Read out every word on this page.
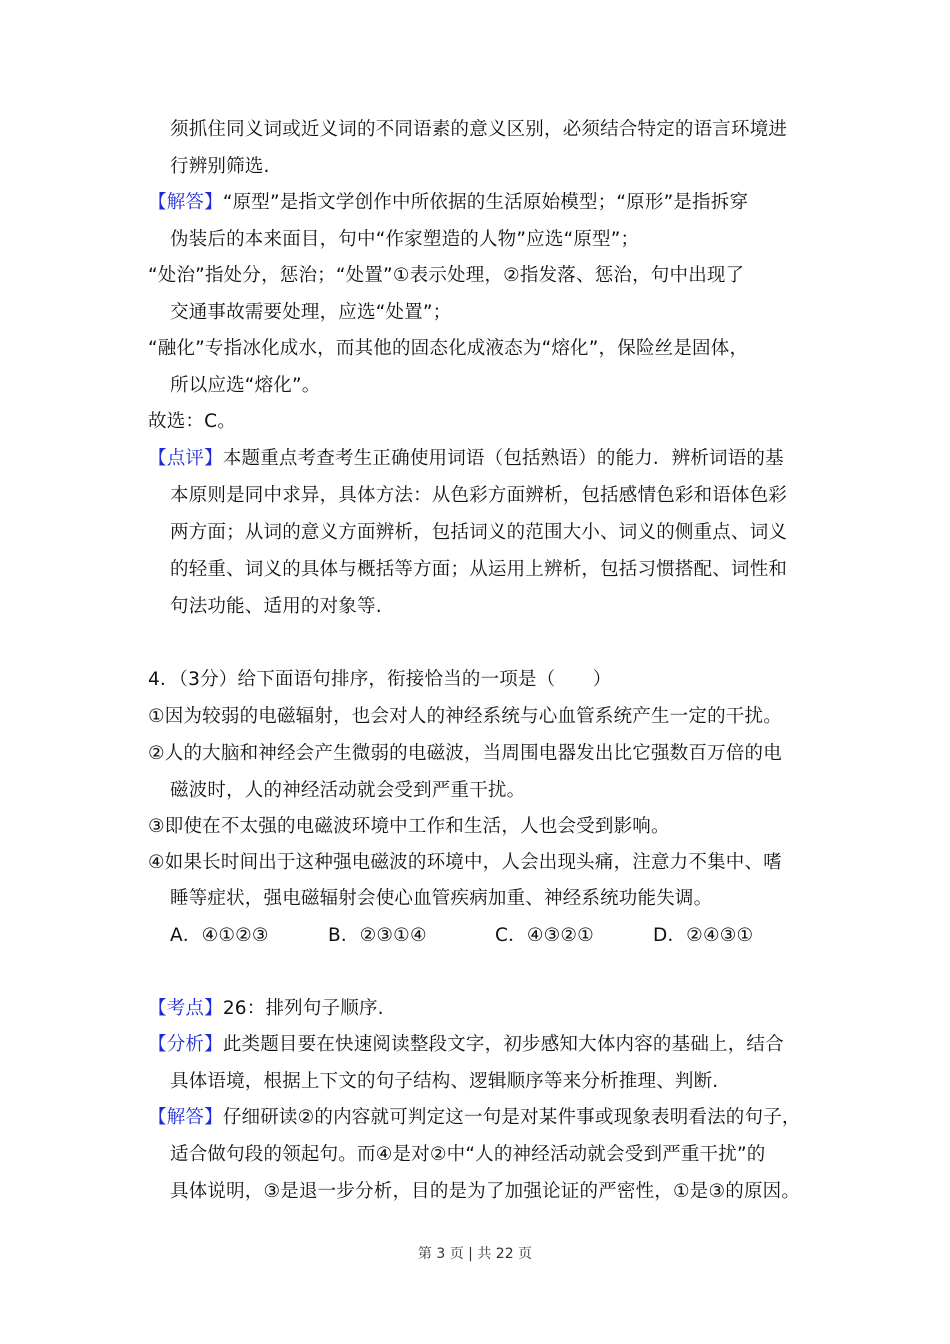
须抓住同义词或近义词的不同语素的意义区别，必须结合特定的语言环境进
行辨别筛选.
【解答】“原型”是指文学创作中所依据的生活原始模型；“原形”是指拆穿
伪装后的本来面目，句中“作家塑造的人物”应选“原型”；
“处治”指处分，惩治；“处置”①表示处理，②指发落、惩治，句中出现了
交通事故需要处理，应选“处置”；
“融化”专指冰化成水，而其他的固态化成液态为“熔化”，保险丝是固体，
所以应选“熔化”。
故选：C。
【点评】本题重点考查考生正确使用词语（包括熟语）的能力．辨析词语的基
本原则是同中求异，具体方法：从色彩方面辨析，包括感情色彩和语体色彩
两方面；从词的意义方面辨析，包括词义的范围大小、词义的侧重点、词义
的轻重、词义的具体与概括等方面；从运用上辨析，包括习惯搭配、词性和
句法功能、适用的对象等.
4．（3分）给下面语句排序，衔接恰当的一项是（　　）
①因为较弱的电磁辐射，也会对人的神经系统与心血管系统产生一定的干扰。
②人的大脑和神经会产生微弱的电磁波，当周围电器发出比它强数百万倍的电
磁波时，人的神经活动就会受到严重干扰。
③即使在不太强的电磁波环境中工作和生活，人也会受到影响。
④如果长时间出于这种强电磁波的环境中，人会出现头痛，注意力不集中、嗜
睡等症状，强电磁辐射会使心血管疾病加重、神经系统功能失调。
A．④①②③	B．②③①④	C．④③②①	D．②④③①
【考点】26：排列句子顺序.
【分析】此类题目要在快速阅读整段文字，初步感知大体内容的基础上，结合
具体语境，根据上下文的句子结构、逻辑顺序等来分析推理、判断.
【解答】仔细研读②的内容就可判定这一句是对某件事或现象表明看法的句子，
适合做句段的领起句。而④是对②中“人的神经活动就会受到严重干扰”的
具体说明，③是退一步分析，目的是为了加强论证的严密性，①是③的原因。
第 3 页 | 共 22 页
